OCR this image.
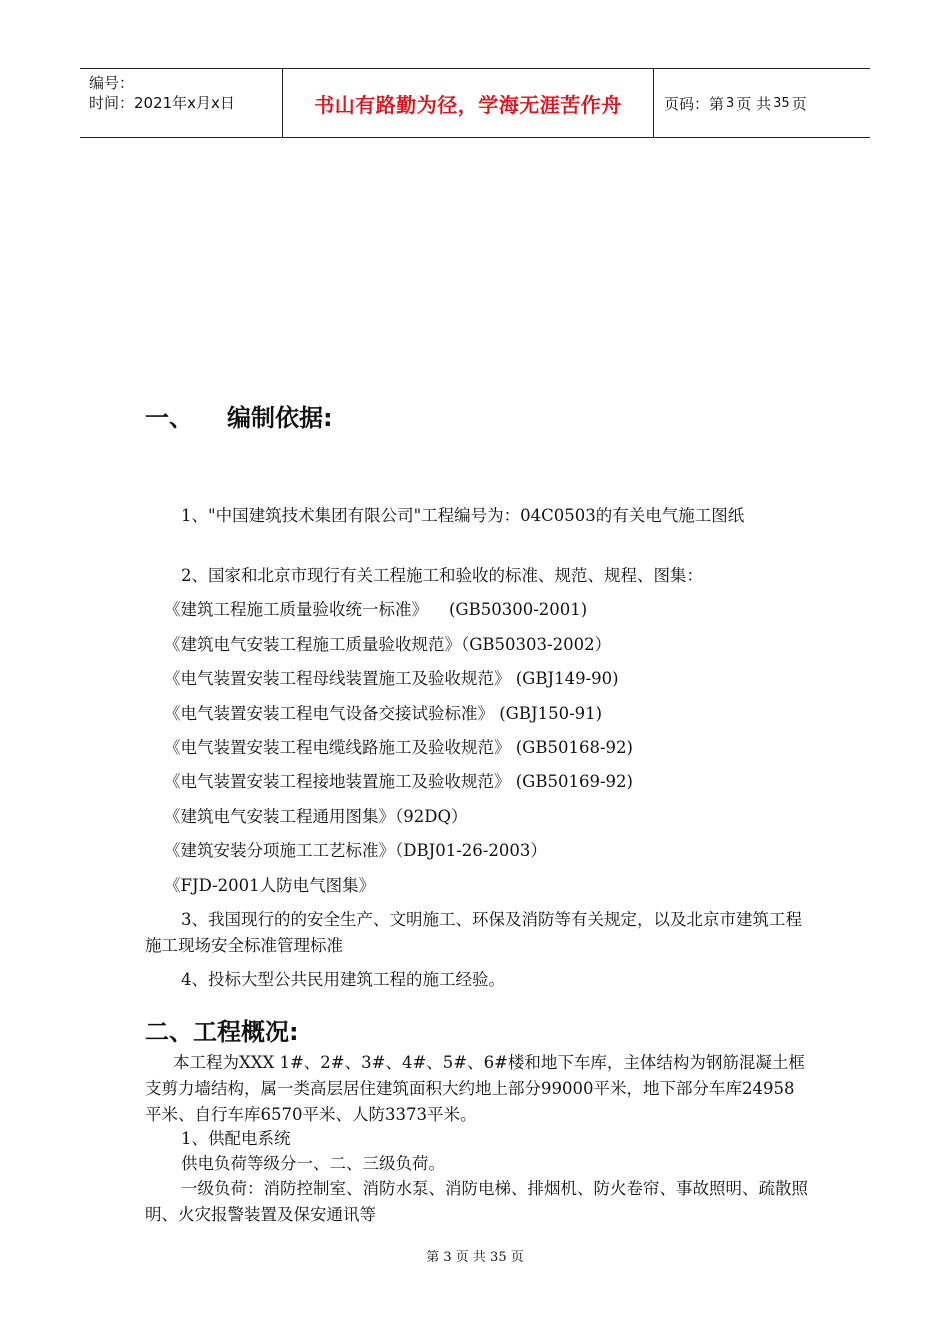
编号：
时间：2021年x月x日	书山有路勤为径，学海无涯苦作舟	页码：第 3 页 共 35 页
一、 编制依据:
1、"中国建筑技术集团有限公司"工程编号为：04C0503的有关电气施工图纸
2、国家和北京市现行有关工程施工和验收的标准、规范、规程、图集：
《建筑工程施工质量验收统一标准》    (GB50300-2001)
《建筑电气安装工程施工质量验收规范》（GB50303-2002）
《电气装置安装工程母线装置施工及验收规范》 (GBJ149-90)
《电气装置安装工程电气设备交接试验标准》 (GBJ150-91)
《电气装置安装工程电缆线路施工及验收规范》 (GB50168-92)
《电气装置安装工程接地装置施工及验收规范》 (GB50169-92)
《建筑电气安装工程通用图集》（92DQ）
《建筑安装分项施工工艺标准》（DBJ01-26-2003）
《FJD-2001人防电气图集》
3、我国现行的的安全生产、文明施工、环保及消防等有关规定，以及北京市建筑工程施工现场安全标准管理标准
4、投标大型公共民用建筑工程的施工经验。
二、工程概况:
本工程为XXX 1#、2#、3#、4#、5#、6#楼和地下车库，主体结构为钢筋混凝土框支剪力墙结构，属一类高层居住建筑面积大约地上部分99000平米，地下部分车库24958平米、自行车库6570平米、人防3373平米。
1、供配电系统
供电负荷等级分一、二、三级负荷。
一级负荷：消防控制室、消防水泵、消防电梯、排烟机、防火卷帘、事故照明、疏散照明、火灾报警装置及保安通讯等
第 3 页 共 35 页
